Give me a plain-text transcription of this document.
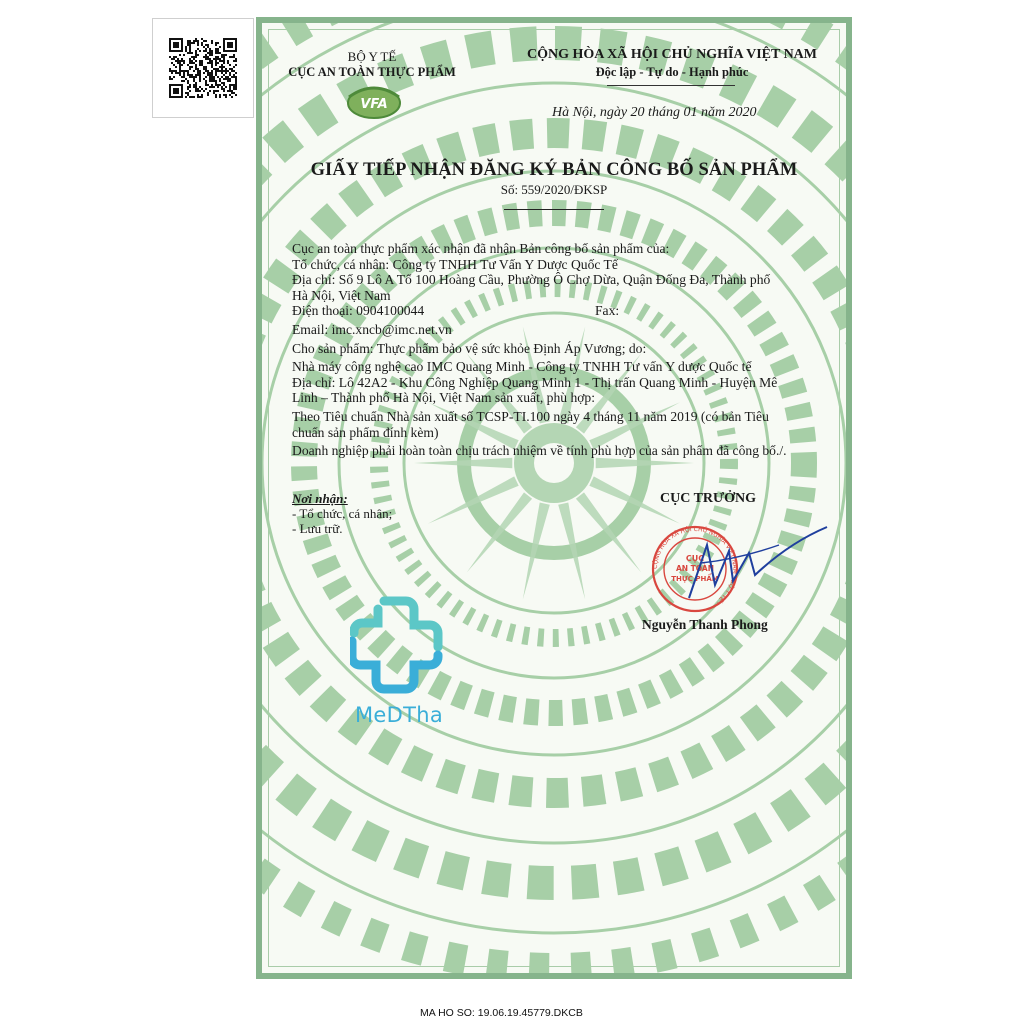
VFA
BỘ Y TẾ
CỤC AN TOÀN THỰC PHẨM
CỘNG HÒA XÃ HỘI CHỦ NGHĨA VIỆT NAM
Độc lập - Tự do - Hạnh phúc
Hà Nội, ngày 20 tháng 01 năm 2020
GIẤY TIẾP NHẬN ĐĂNG KÝ BẢN CÔNG BỐ SẢN PHẨM
Số: 559/2020/ĐKSP
Cục an toàn thực phẩm xác nhận đã nhận Bản công bố sản phẩm của:
Tổ chức, cá nhân: Công ty TNHH Tư Vấn Y Dược Quốc Tế
Địa chỉ: Số 9 Lô A Tổ 100 Hoàng Cầu, Phường Ô Chợ Dừa, Quận Đống Đa, Thành phố
Hà Nội, Việt Nam
Điện thoại: 0904100044	Fax:
Email: imc.xncb@imc.net.vn
Cho sản phẩm: Thực phẩm bảo vệ sức khỏe Định Áp Vương; do:
Nhà máy công nghệ cao IMC Quang Minh - Công ty TNHH Tư vấn Y dược Quốc tế
Địa chỉ: Lô 42A2 - Khu Công Nghiệp Quang Minh 1 - Thị trấn Quang Minh - Huyện Mê
Linh – Thành phố Hà Nội, Việt Nam sản xuất, phù hợp:
Theo Tiêu chuẩn Nhà sản xuất số TCSP-TI.100 ngày 4 tháng 11 năm 2019 (có bản Tiêu
chuẩn sản phẩm đính kèm)
Doanh nghiệp phải hoàn toàn chịu trách nhiệm về tính phù hợp của sản phẩm đã công bố./.
Nơi nhận:
- Tổ chức, cá nhân;
- Lưu trữ.
CỤC TRƯỞNG
CỘNG HÒA XÃ HỘI CHỦ NGHĨA VIỆT NAM · BỘ Y TẾ ·
CỤC
AN TOÀN
THỰC PHẨM
Nguyễn Thanh Phong
MeDTha
MA HO SO: 19.06.19.45779.DKCB
